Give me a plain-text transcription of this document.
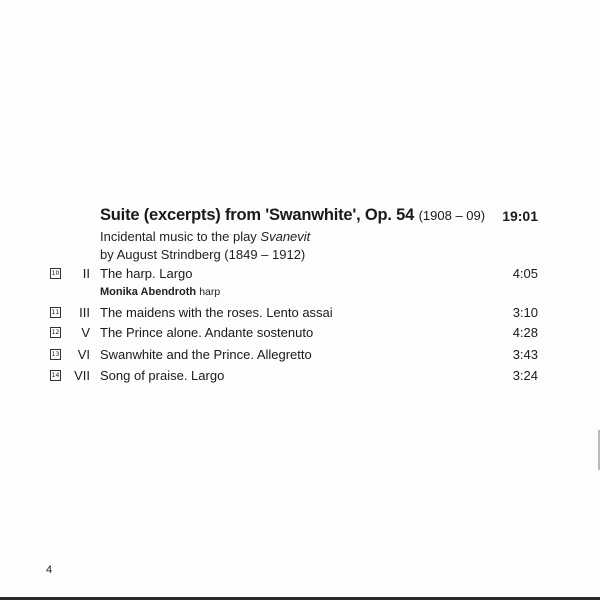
Suite (excerpts) from 'Swanwhite', Op. 54 (1908 – 09) 19:01
Incidental music to the play Svanevit
by August Strindberg (1849 – 1912)
10	II The harp. Largo	4:05
Monika Abendroth harp
11	III The maidens with the roses. Lento assai	3:10
12	V The Prince alone. Andante sostenuto	4:28
13	VI Swanwhite and the Prince. Allegretto	3:43
14	VII Song of praise. Largo	3:24
4
